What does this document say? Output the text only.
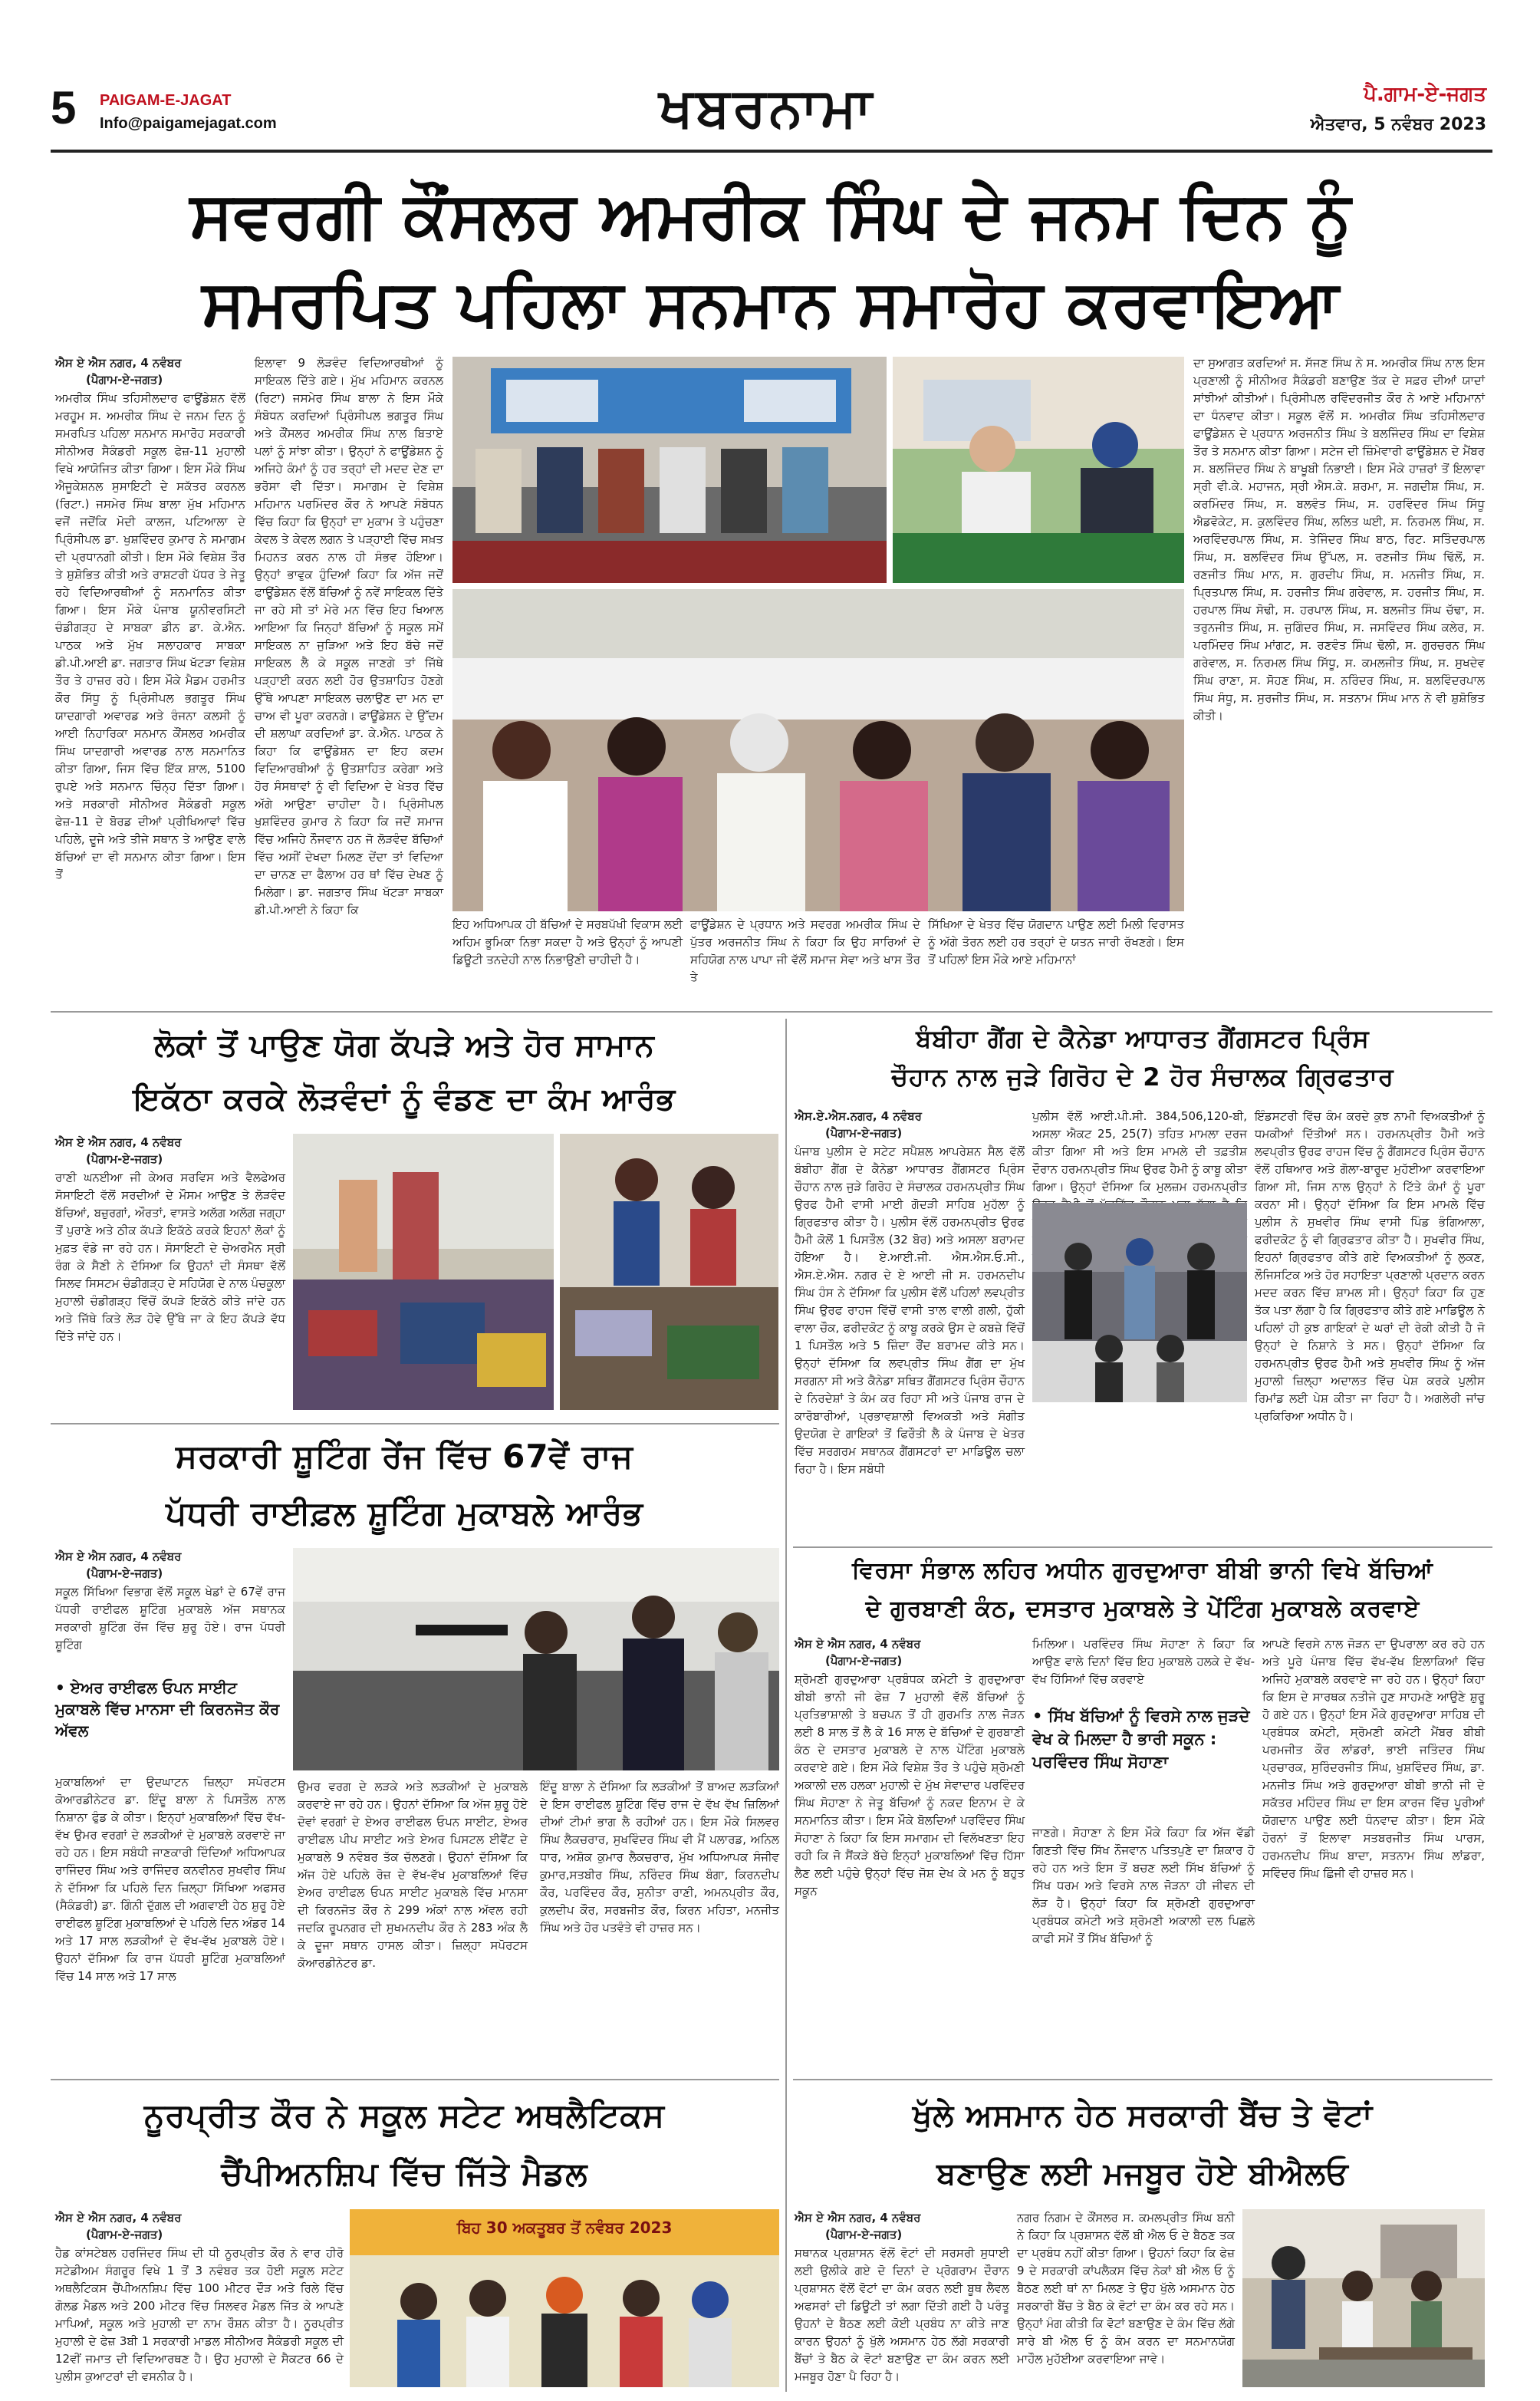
5 PAIGAM-E-JAGAT
Info@paigamejagat.com	ਖਬਰਨਾਮਾ	ਪੈ.ਗਾਮ-ਏ-ਜਗਤ
ਐਤਵਾਰ, 5 ਨਵੰਬਰ 2023
ਸਵਰਗੀ ਕੌਂਸਲਰ ਅਮਰੀਕ ਸਿੰਘ ਦੇ ਜਨਮ ਦਿਨ ਨੂੰ
ਸਮਰਪਿਤ ਪਹਿਲਾ ਸਨਮਾਨ ਸਮਾਰੋਹ ਕਰਵਾਇਆ

ਐਸ ਏ ਐਸ ਨਗਰ, 4 ਨਵੰਬਰ

(ਪੈਗਾਮ-ਏ-ਜਗਤ)

ਅਮਰੀਕ ਸਿੰਘ ਤਹਿਸੀਲਦਾਰ ਫਾਊਂਡੇਸ਼ਨ ਵੱਲੋਂ ਮਰਹੂਮ ਸ. ਅਮਰੀਕ ਸਿੰਘ ਦੇ ਜਨਮ ਦਿਨ ਨੂੰ ਸਮਰਪਿਤ ਪਹਿਲਾ ਸਨਮਾਨ ਸਮਾਰੋਹ ਸਰਕਾਰੀ ਸੀਨੀਅਰ ਸੈਕੰਡਰੀ ਸਕੂਲ ਫੇਜ਼-11 ਮੁਹਾਲੀ ਵਿਖੇ ਆਯੋਜਿਤ ਕੀਤਾ ਗਿਆ। ਇਸ ਮੌਕੇ ਸਿੰਘ ਐਜੂਕੇਸ਼ਨਲ ਸੁਸਾਇਟੀ ਦੇ ਸਕੱਤਰ ਕਰਨਲ (ਰਿਟਾ.) ਜਸਮੇਰ ਸਿੰਘ ਬਾਲਾ ਮੁੱਖ ਮਹਿਮਾਨ ਵਜੋਂ ਜਦੋਂਕਿ ਮੋਦੀ ਕਾਲਜ, ਪਟਿਆਲਾ ਦੇ ਪ੍ਰਿੰਸੀਪਲ ਡਾ. ਖੁਸ਼ਵਿੰਦਰ ਕੁਮਾਰ ਨੇ ਸਮਾਗਮ ਦੀ ਪ੍ਰਧਾਨਗੀ ਕੀਤੀ। ਇਸ ਮੌਕੇ ਵਿਸ਼ੇਸ਼ ਤੌਰ ਤੇ ਸ਼ੁਸ਼ੋਭਿਤ ਕੀਤੀ ਅਤੇ ਰਾਸ਼ਟਰੀ ਪੱਧਰ ਤੇ ਜੇਤੂ ਰਹੇ ਵਿਦਿਆਰਥੀਆਂ ਨੂੰ ਸਨਮਾਨਿਤ ਕੀਤਾ ਗਿਆ। ਇਸ ਮੌਕੇ ਪੰਜਾਬ ਯੂਨੀਵਰਸਿਟੀ ਚੰਡੀਗੜ੍ਹ ਦੇ ਸਾਬਕਾ ਡੀਨ ਡਾ. ਕੇ.ਐਨ. ਪਾਠਕ ਅਤੇ ਮੁੱਖ ਸਲਾਹਕਾਰ ਸਾਬਕਾ ਡੀ.ਪੀ.ਆਈ ਡਾ. ਜਗਤਾਰ ਸਿੰਘ ਖੱਟੜਾ ਵਿਸ਼ੇਸ਼ ਤੌਰ ਤੇ ਹਾਜ਼ਰ ਰਹੇ। ਇਸ ਮੌਕੇ ਮੈਡਮ ਹਰਮੀਤ ਕੌਰ ਸਿੱਧੂ ਨੂੰ ਪ੍ਰਿੰਸੀਪਲ ਭਗਤੂਰ ਸਿੰਘ ਯਾਦਗਾਰੀ ਅਵਾਰਡ ਅਤੇ ਰੰਜਨਾ ਕਲਸੀ ਨੂੰ ਆਈ ਨਿਹਾਰਿਕਾ ਸਨਮਾਨ ਕੌਂਸਲਰ ਅਮਰੀਕ ਸਿੰਘ ਯਾਦਗਾਰੀ ਅਵਾਰਡ ਨਾਲ ਸਨਮਾਨਿਤ ਕੀਤਾ ਗਿਆ, ਜਿਸ ਵਿੱਚ ਇੱਕ ਸ਼ਾਲ, 5100 ਰੁਪਏ ਅਤੇ ਸਨਮਾਨ ਚਿੰਨ੍ਹ ਦਿੱਤਾ ਗਿਆ। ਅਤੇ ਸਰਕਾਰੀ ਸੀਨੀਅਰ ਸੈਕੰਡਰੀ ਸਕੂਲ ਫੇਜ਼-11 ਦੇ ਬੋਰਡ ਦੀਆਂ ਪ੍ਰੀਖਿਆਵਾਂ ਵਿੱਚ ਪਹਿਲੇ, ਦੂਜੇ ਅਤੇ ਤੀਜੇ ਸਥਾਨ ਤੇ ਆਉਣ ਵਾਲੇ ਬੱਚਿਆਂ ਦਾ ਵੀ ਸਨਮਾਨ ਕੀਤਾ ਗਿਆ। ਇਸ ਤੋਂ
ਇਲਾਵਾ 9 ਲੋੜਵੰਦ ਵਿਦਿਆਰਥੀਆਂ ਨੂੰ ਸਾਇਕਲ ਦਿੱਤੇ ਗਏ। ਮੁੱਖ ਮਹਿਮਾਨ ਕਰਨਲ (ਰਿਟਾ) ਜਸਮੇਰ ਸਿੰਘ ਬਾਲਾ ਨੇ ਇਸ ਮੌਕੇ ਸੰਬੋਧਨ ਕਰਦਿਆਂ ਪ੍ਰਿੰਸੀਪਲ ਭਗਤੂਰ ਸਿੰਘ ਅਤੇ ਕੌਂਸਲਰ ਅਮਰੀਕ ਸਿੰਘ ਨਾਲ ਬਿਤਾਏ ਪਲਾਂ ਨੂੰ ਸਾਂਝਾ ਕੀਤਾ। ਉਨ੍ਹਾਂ ਨੇ ਫਾਊਂਡੇਸ਼ਨ ਨੂੰ ਅਜਿਹੇ ਕੰਮਾਂ ਨੂੰ ਹਰ ਤਰ੍ਹਾਂ ਦੀ ਮਦਦ ਦੇਣ ਦਾ ਭਰੋਸਾ ਵੀ ਦਿੱਤਾ। ਸਮਾਗਮ ਦੇ ਵਿਸ਼ੇਸ਼ ਮਹਿਮਾਨ ਪਰਮਿੰਦਰ ਕੌਰ ਨੇ ਆਪਣੇ ਸੰਬੋਧਨ ਵਿੱਚ ਕਿਹਾ ਕਿ ਉਨ੍ਹਾਂ ਦਾ ਮੁਕਾਮ ਤੇ ਪਹੁੰਚਣਾ ਕੇਵਲ ਤੇ ਕੇਵਲ ਲਗਨ ਤੇ ਪੜ੍ਹਾਈ ਵਿੱਚ ਸਖ਼ਤ ਮਿਹਨਤ ਕਰਨ ਨਾਲ ਹੀ ਸੰਭਵ ਹੋਇਆ। ਉਨ੍ਹਾਂ ਭਾਵੁਕ ਹੁੰਦਿਆਂ ਕਿਹਾ ਕਿ ਅੱਜ ਜਦੋਂ ਫਾਊਂਡੇਸ਼ਨ ਵੱਲੋਂ ਬੱਚਿਆਂ ਨੂੰ ਨਵੇਂ ਸਾਇਕਲ ਦਿੱਤੇ ਜਾ ਰਹੇ ਸੀ ਤਾਂ ਮੇਰੇ ਮਨ ਵਿੱਚ ਇਹ ਖਿਆਲ ਆਇਆ ਕਿ ਜਿਨ੍ਹਾਂ ਬੱਚਿਆਂ ਨੂੰ ਸਕੂਲ ਸਮੇਂ ਸਾਇਕਲ ਨਾ ਜੁੜਿਆ ਅਤੇ ਇਹ ਬੱਚੇ ਜਦੋਂ ਸਾਇਕਲ ਲੈ ਕੇ ਸਕੂਲ ਜਾਣਗੇ ਤਾਂ ਜਿੱਥੇ ਪੜ੍ਹਾਈ ਕਰਨ ਲਈ ਹੋਰ ਉਤਸ਼ਾਹਿਤ ਹੋਣਗੇ ਉੱਥੇ ਆਪਣਾ ਸਾਇਕਲ ਚਲਾਉਣ ਦਾ ਮਨ ਦਾ ਚਾਅ ਵੀ ਪੂਰਾ ਕਰਨਗੇ। ਫਾਊਂਡੇਸ਼ਨ ਦੇ ਉੱਦਮ ਦੀ ਸ਼ਲਾਘਾ ਕਰਦਿਆਂ ਡਾ. ਕੇ.ਐਨ. ਪਾਠਕ ਨੇ ਕਿਹਾ ਕਿ ਫਾਊਂਡੇਸ਼ਨ ਦਾ ਇਹ ਕਦਮ ਵਿਦਿਆਰਥੀਆਂ ਨੂੰ ਉਤਸ਼ਾਹਿਤ ਕਰੇਗਾ ਅਤੇ ਹੋਰ ਸੰਸਥਾਵਾਂ ਨੂੰ ਵੀ ਵਿਦਿਆ ਦੇ ਖੇਤਰ ਵਿੱਚ ਅੱਗੇ ਆਉਣਾ ਚਾਹੀਦਾ ਹੈ। ਪ੍ਰਿੰਸੀਪਲ ਖੁਸ਼ਵਿੰਦਰ ਕੁਮਾਰ ਨੇ ਕਿਹਾ ਕਿ ਜਦੋਂ ਸਮਾਜ ਵਿੱਚ ਅਜਿਹੇ ਨੌਜਵਾਨ ਹਨ ਜੋ ਲੋੜਵੰਦ ਬੱਚਿਆਂ ਵਿੱਚ ਅਸੀਂ ਦੇਖਦਾ ਮਿਲਣ ਦੇਂਦਾ ਤਾਂ ਵਿਦਿਆ ਦਾ ਚਾਨਣ ਦਾ ਫੈਲਾਅ ਹਰ ਥਾਂ ਵਿੱਚ ਦੇਖਣ ਨੂੰ ਮਿਲੇਗਾ। ਡਾ. ਜਗਤਾਰ ਸਿੰਘ ਖੱਟੜਾ ਸਾਬਕਾ ਡੀ.ਪੀ.ਆਈ ਨੇ ਕਿਹਾ ਕਿ
ਇਹ ਅਧਿਆਪਕ ਹੀ ਬੱਚਿਆਂ ਦੇ ਸਰਬਪੱਖੀ ਵਿਕਾਸ ਲਈ ਅਹਿਮ ਭੂਮਿਕਾ ਨਿਭਾ ਸਕਦਾ ਹੈ ਅਤੇ ਉਨ੍ਹਾਂ ਨੂੰ ਆਪਣੀ ਡਿਊਟੀ ਤਨਦੇਹੀ ਨਾਲ ਨਿਭਾਉਣੀ ਚਾਹੀਦੀ ਹੈ।
ਫਾਊਂਡੇਸ਼ਨ ਦੇ ਪ੍ਰਧਾਨ ਅਤੇ ਸਵਰਗ ਅਮਰੀਕ ਸਿੰਘ ਦੇ ਪੁੱਤਰ ਅਰਜਨੀਤ ਸਿੰਘ ਨੇ ਕਿਹਾ ਕਿ ਉਹ ਸਾਰਿਆਂ ਦੇ ਸਹਿਯੋਗ ਨਾਲ ਪਾਪਾ ਜੀ ਵੱਲੋਂ ਸਮਾਜ ਸੇਵਾ ਅਤੇ ਖਾਸ ਤੌਰ ਤੇ
ਸਿੱਖਿਆ ਦੇ ਖੇਤਰ ਵਿੱਚ ਯੋਗਦਾਨ ਪਾਉਣ ਲਈ ਮਿਲੀ ਵਿਰਾਸਤ ਨੂੰ ਅੱਗੇ ਤੋਰਨ ਲਈ ਹਰ ਤਰ੍ਹਾਂ ਦੇ ਯਤਨ ਜਾਰੀ ਰੱਖਣਗੇ। ਇਸ ਤੋਂ ਪਹਿਲਾਂ ਇਸ ਮੌਕੇ ਆਏ ਮਹਿਮਾਨਾਂ
ਦਾ ਸੁਆਗਤ ਕਰਦਿਆਂ ਸ. ਸੱਜਣ ਸਿੰਘ ਨੇ ਸ. ਅਮਰੀਕ ਸਿੰਘ ਨਾਲ ਇਸ ਪ੍ਰਣਾਲੀ ਨੂੰ ਸੀਨੀਅਰ ਸੈਕੰਡਰੀ ਬਣਾਉਣ ਤੱਕ ਦੇ ਸਫ਼ਰ ਦੀਆਂ ਯਾਦਾਂ ਸਾਂਝੀਆਂ ਕੀਤੀਆਂ। ਪ੍ਰਿੰਸੀਪਲ ਰਵਿੰਦਰਜੀਤ ਕੌਰ ਨੇ ਆਏ ਮਹਿਮਾਨਾਂ ਦਾ ਧੰਨਵਾਦ ਕੀਤਾ। ਸਕੂਲ ਵੱਲੋਂ ਸ. ਅਮਰੀਕ ਸਿੰਘ ਤਹਿਸੀਲਦਾਰ ਫਾਊਂਡੇਸ਼ਨ ਦੇ ਪ੍ਰਧਾਨ ਅਰਜਨੀਤ ਸਿੰਘ ਤੇ ਬਲਜਿੰਦਰ ਸਿੰਘ ਦਾ ਵਿਸ਼ੇਸ਼ ਤੌਰ ਤੇ ਸਨਮਾਨ ਕੀਤਾ ਗਿਆ। ਸਟੇਜ ਦੀ ਜ਼ਿੰਮੇਵਾਰੀ ਫਾਊਂਡੇਸ਼ਨ ਦੇ ਮੈਂਬਰ ਸ. ਬਲਜਿੰਦਰ ਸਿੰਘ ਨੇ ਬਾਖੂਬੀ ਨਿਭਾਈ। ਇਸ ਮੌਕੇ ਹਾਜ਼ਰਾਂ ਤੋਂ ਇਲਾਵਾ ਸ੍ਰੀ ਵੀ.ਕੇ. ਮਹਾਜਨ, ਸ੍ਰੀ ਐਸ.ਕੇ. ਸ਼ਰਮਾ, ਸ. ਜਗਦੀਸ਼ ਸਿੰਘ, ਸ. ਕਰਮਿੰਦਰ ਸਿੰਘ, ਸ. ਬਲਵੰਤ ਸਿੰਘ, ਸ. ਹਰਵਿੰਦਰ ਸਿੰਘ ਸਿੱਧੂ ਐਡਵੋਕੇਟ, ਸ. ਕੁਲਵਿੰਦਰ ਸਿੰਘ, ਲਲਿਤ ਘਈ, ਸ. ਨਿਰਮਲ ਸਿੰਘ, ਸ. ਅਰਵਿੰਦਰਪਾਲ ਸਿੰਘ, ਸ. ਤੇਜਿੰਦਰ ਸਿੰਘ ਬਾਠ, ਰਿਟ. ਸਤਿੰਦਰਪਾਲ ਸਿੰਘ, ਸ. ਬਲਵਿੰਦਰ ਸਿੰਘ ਉੱਪਲ, ਸ. ਰਣਜੀਤ ਸਿੰਘ ਢਿੱਲੋਂ, ਸ. ਰਣਜੀਤ ਸਿੰਘ ਮਾਨ, ਸ. ਗੁਰਦੀਪ ਸਿੰਘ, ਸ. ਮਨਜੀਤ ਸਿੰਘ, ਸ. ਪ੍ਰਿਤਪਾਲ ਸਿੰਘ, ਸ. ਹਰਜੀਤ ਸਿੰਘ ਗਰੇਵਾਲ, ਸ. ਹਰਜੀਤ ਸਿੰਘ, ਸ. ਹਰਪਾਲ ਸਿੰਘ ਸੋਢੀ, ਸ. ਹਰਪਾਲ ਸਿੰਘ, ਸ. ਬਲਜੀਤ ਸਿੰਘ ਚੱਢਾ, ਸ. ਤਰੁਨਜੀਤ ਸਿੰਘ, ਸ. ਜੁਗਿੰਦਰ ਸਿੰਘ, ਸ. ਜਸਵਿੰਦਰ ਸਿੰਘ ਕਲੇਰ, ਸ. ਪਰਮਿੰਦਰ ਸਿੰਘ ਮਾਂਗਟ, ਸ. ਰਣਵੰਤ ਸਿੰਘ ਢੋਲੀ, ਸ. ਗੁਰਚਰਨ ਸਿੰਘ ਗਰੇਵਾਲ, ਸ. ਨਿਰਮਲ ਸਿੰਘ ਸਿੱਧੂ, ਸ. ਕਮਲਜੀਤ ਸਿੰਘ, ਸ. ਸੁਖਦੇਵ ਸਿੰਘ ਰਾਣਾ, ਸ. ਸੋਹਣ ਸਿੰਘ, ਸ. ਨਰਿੰਦਰ ਸਿੰਘ, ਸ. ਬਲਵਿੰਦਰਪਾਲ ਸਿੰਘ ਸੰਧੂ, ਸ. ਸੁਰਜੀਤ ਸਿੰਘ, ਸ. ਸਤਨਾਮ ਸਿੰਘ ਮਾਨ ਨੇ ਵੀ ਸ਼ੁਸ਼ੋਭਿਤ ਕੀਤੀ।
ਲੋਕਾਂ ਤੋਂ ਪਾਉਣ ਯੋਗ ਕੱਪੜੇ ਅਤੇ ਹੋਰ ਸਾਮਾਨ
ਇਕੱਠਾ ਕਰਕੇ ਲੋੜਵੰਦਾਂ ਨੂੰ ਵੰਡਣ ਦਾ ਕੰਮ ਆਰੰਭ

ਐਸ ਏ ਐਸ ਨਗਰ, 4 ਨਵੰਬਰ

(ਪੈਗਾਮ-ਏ-ਜਗਤ)

ਰਾਣੀ ਘਨਈਆ ਜੀ ਕੇਅਰ ਸਰਵਿਸ ਅਤੇ ਵੈਲਫੇਅਰ ਸੋਸਾਇਟੀ ਵੱਲੋਂ ਸਰਦੀਆਂ ਦੇ ਮੌਸਮ ਆਉਣ ਤੇ ਲੋੜਵੰਦ ਬੱਚਿਆਂ, ਬਜ਼ੁਰਗਾਂ, ਔਰਤਾਂ, ਵਾਸਤੇ ਅਲੱਗ ਅਲੱਗ ਜਗ੍ਹਾ ਤੋਂ ਪੁਰਾਣੇ ਅਤੇ ਠੀਕ ਕੱਪੜੇ ਇਕੱਠੇ ਕਰਕੇ ਇਹਨਾਂ ਲੋਕਾਂ ਨੂੰ ਮੁਫ਼ਤ ਵੰਡੇ ਜਾ ਰਹੇ ਹਨ। ਸੋਸਾਇਟੀ ਦੇ ਚੇਅਰਮੈਨ ਸ੍ਰੀ ਰੰਗ ਕੇ ਸੈਣੀ ਨੇ ਦੱਸਿਆ ਕਿ ਉਹਨਾਂ ਦੀ ਸੰਸਥਾ ਵੱਲੋਂ ਸਿਲਵ ਸਿਸਟਮ ਚੰਡੀਗੜ੍ਹ ਦੇ ਸਹਿਯੋਗ ਦੇ ਨਾਲ ਪੰਚਕੂਲਾ ਮੁਹਾਲੀ ਚੰਡੀਗੜ੍ਹ ਵਿੱਚੋਂ ਕੱਪੜੇ ਇਕੱਠੇ ਕੀਤੇ ਜਾਂਦੇ ਹਨ ਅਤੇ ਜਿੱਥੇ ਕਿਤੇ ਲੋੜ ਹੋਵੇ ਉੱਥੇ ਜਾ ਕੇ ਇਹ ਕੱਪੜੇ ਵੱਧ ਦਿੱਤੇ ਜਾਂਦੇ ਹਨ।
ਸਰਕਾਰੀ ਸ਼ੂਟਿੰਗ ਰੇਂਜ ਵਿੱਚ 67ਵੇਂ ਰਾਜ
ਪੱਧਰੀ ਰਾਈਫ਼ਲ ਸ਼ੂਟਿੰਗ ਮੁਕਾਬਲੇ ਆਰੰਭ

ਐਸ ਏ ਐਸ ਨਗਰ, 4 ਨਵੰਬਰ

(ਪੈਗਾਮ-ਏ-ਜਗਤ)

ਸਕੂਲ ਸਿੱਖਿਆ ਵਿਭਾਗ ਵੱਲੋਂ ਸਕੂਲ ਖੇਡਾਂ ਦੇ 67ਵੇਂ ਰਾਜ ਪੱਧਰੀ ਰਾਈਫਲ ਸ਼ੂਟਿੰਗ ਮੁਕਾਬਲੇ ਅੱਜ ਸਥਾਨਕ ਸਰਕਾਰੀ ਸ਼ੂਟਿੰਗ ਰੇਂਜ ਵਿੱਚ ਸ਼ੁਰੂ ਹੋਏ। ਰਾਜ ਪੱਧਰੀ ਸ਼ੂਟਿੰਗ
• ਏਅਰ ਰਾਈਫਲ ਓਪਨ ਸਾਈਟ ਮੁਕਾਬਲੇ ਵਿੱਚ ਮਾਨਸਾ ਦੀ ਕਿਰਨਜੋਤ ਕੌਰ ਅੱਵਲ
ਮੁਕਾਬਲਿਆਂ ਦਾ ਉਦਘਾਟਨ ਜ਼ਿਲ੍ਹਾ ਸਪੋਰਟਸ ਕੋਆਰਡੀਨੇਟਰ ਡਾ. ਇੰਦੂ ਬਾਲਾ ਨੇ ਪਿਸਤੌਲ ਨਾਲ ਨਿਸ਼ਾਨਾ ਫੁੰਡ ਕੇ ਕੀਤਾ। ਇਨ੍ਹਾਂ ਮੁਕਾਬਲਿਆਂ ਵਿੱਚ ਵੱਖ-ਵੱਖ ਉਮਰ ਵਰਗਾਂ ਦੇ ਲੜਕੀਆਂ ਦੇ ਮੁਕਾਬਲੇ ਕਰਵਾਏ ਜਾ ਰਹੇ ਹਨ। ਇਸ ਸਬੰਧੀ ਜਾਣਕਾਰੀ ਦਿੰਦਿਆਂ ਅਧਿਆਪਕ ਰਾਜਿੰਦਰ ਸਿੰਘ ਅਤੇ ਰਾਜਿੰਦਰ ਕਨਵੀਨਰ ਸੁਖਵੀਰ ਸਿੰਘ ਨੇ ਦੱਸਿਆ ਕਿ ਪਹਿਲੇ ਦਿਨ ਜ਼ਿਲ੍ਹਾ ਸਿੱਖਿਆ ਅਫਸਰ (ਸੈਕੰਡਰੀ) ਡਾ. ਗਿੰਨੀ ਦੁੱਗਲ ਦੀ ਅਗਵਾਈ ਹੇਠ ਸ਼ੁਰੂ ਹੋਏ ਰਾਈਫਲ ਸ਼ੂਟਿੰਗ ਮੁਕਾਬਲਿਆਂ ਦੇ ਪਹਿਲੇ ਦਿਨ ਅੰਡਰ 14 ਅਤੇ 17 ਸਾਲ ਲੜਕੀਆਂ ਦੇ ਵੱਖ-ਵੱਖ ਮੁਕਾਬਲੇ ਹੋਏ। ਉਹਨਾਂ ਦੱਸਿਆ ਕਿ ਰਾਜ ਪੱਧਰੀ ਸ਼ੂਟਿੰਗ ਮੁਕਾਬਲਿਆਂ ਵਿੱਚ 14 ਸਾਲ ਅਤੇ 17 ਸਾਲ
ਉਮਰ ਵਰਗ ਦੇ ਲੜਕੇ ਅਤੇ ਲੜਕੀਆਂ ਦੇ ਮੁਕਾਬਲੇ ਕਰਵਾਏ ਜਾ ਰਹੇ ਹਨ। ਉਹਨਾਂ ਦੱਸਿਆ ਕਿ ਅੱਜ ਸ਼ੁਰੂ ਹੋਏ ਦੋਵਾਂ ਵਰਗਾਂ ਦੇ ਏਅਰ ਰਾਈਫਲ ਓਪਨ ਸਾਈਟ, ਏਅਰ ਰਾਈਫਲ ਪੀਪ ਸਾਈਟ ਅਤੇ ਏਅਰ ਪਿਸਟਲ ਈਵੈਂਟ ਦੇ ਮੁਕਾਬਲੇ 9 ਨਵੰਬਰ ਤੱਕ ਚੱਲਣਗੇ। ਉਹਨਾਂ ਦੱਸਿਆ ਕਿ ਅੱਜ ਹੋਏ ਪਹਿਲੇ ਰੋਜ਼ ਦੇ ਵੱਖ-ਵੱਖ ਮੁਕਾਬਲਿਆਂ ਵਿੱਚ ਏਅਰ ਰਾਈਫਲ ਓਪਨ ਸਾਈਟ ਮੁਕਾਬਲੇ ਵਿੱਚ ਮਾਨਸਾ ਦੀ ਕਿਰਨਜੋਤ ਕੌਰ ਨੇ 299 ਅੰਕਾਂ ਨਾਲ ਅੱਵਲ ਰਹੀ ਜਦਕਿ ਰੂਪਨਗਰ ਦੀ ਸੁਖਮਨਦੀਪ ਕੌਰ ਨੇ 283 ਅੰਕ ਲੈ ਕੇ ਦੂਜਾ ਸਥਾਨ ਹਾਸਲ ਕੀਤਾ। ਜ਼ਿਲ੍ਹਾ ਸਪੋਰਟਸ ਕੋਆਰਡੀਨੇਟਰ ਡਾ.
ਇੰਦੂ ਬਾਲਾ ਨੇ ਦੱਸਿਆ ਕਿ ਲੜਕੀਆਂ ਤੋਂ ਬਾਅਦ ਲੜਕਿਆਂ ਦੇ ਇਸ ਰਾਈਫਲ ਸ਼ੂਟਿੰਗ ਵਿੱਚ ਰਾਜ ਦੇ ਵੱਖ ਵੱਖ ਜ਼ਿਲਿਆਂ ਦੀਆਂ ਟੀਮਾਂ ਭਾਗ ਲੈ ਰਹੀਆਂ ਹਨ। ਇਸ ਮੌਕੇ ਸਿਲਵਰ ਸਿੰਘ ਲੈਕਚਰਾਰ, ਸੁਖਵਿੰਦਰ ਸਿੰਘ ਵੀ ਮੈਂ ਪਲਾਰਡ, ਅਨਿਲ ਧਾਰ, ਅਸ਼ੋਕ ਕੁਮਾਰ ਲੈਕਚਰਾਰ, ਮੁੱਖ ਅਧਿਆਪਕ ਸੰਜੀਵ ਕੁਮਾਰ,ਸਤਬੀਰ ਸਿੰਘ, ਨਰਿੰਦਰ ਸਿੰਘ ਬੰਗਾ, ਕਿਰਨਦੀਪ ਕੌਰ, ਪਰਵਿੰਦਰ ਕੌਰ, ਸੁਨੀਤਾ ਰਾਣੀ, ਅਮਨਪ੍ਰੀਤ ਕੌਰ, ਕੁਲਦੀਪ ਕੌਰ, ਸਰਬਜੀਤ ਕੌਰ, ਕਿਰਨ ਮਹਿਤਾ, ਮਨਜੀਤ ਸਿੰਘ ਅਤੇ ਹੋਰ ਪਤਵੰਤੇ ਵੀ ਹਾਜ਼ਰ ਸਨ।
ਨੂਰਪ੍ਰੀਤ ਕੌਰ ਨੇ ਸਕੂਲ ਸਟੇਟ ਅਥਲੈਟਿਕਸ
ਚੈਂਪੀਅਨਸ਼ਿਪ ਵਿੱਚ ਜਿੱਤੇ ਮੈਡਲ

ਐਸ ਏ ਐਸ ਨਗਰ, 4 ਨਵੰਬਰ

(ਪੈਗਾਮ-ਏ-ਜਗਤ)

ਹੈਡ ਕਾਂਸਟੇਬਲ ਹਰਜਿੰਦਰ ਸਿੰਘ ਦੀ ਧੀ ਨੂਰਪ੍ਰੀਤ ਕੌਰ ਨੇ ਵਾਰ ਹੀਰੋ ਸਟੇਡੀਅਮ ਸੰਗਰੂਰ ਵਿਖੇ 1 ਤੋਂ 3 ਨਵੰਬਰ ਤਕ ਹੋਈ ਸਕੂਲ ਸਟੇਟ ਅਥਲੈਟਿਕਸ ਚੈਂਪੀਅਨਸ਼ਿਪ ਵਿੱਚ 100 ਮੀਟਰ ਦੌੜ ਅਤੇ ਰਿਲੇ ਵਿੱਚ ਗੋਲਡ ਮੈਡਲ ਅਤੇ 200 ਮੀਟਰ ਵਿੱਚ ਸਿਲਵਰ ਮੈਡਲ ਜਿੱਤ ਕੇ ਆਪਣੇ ਮਾਪਿਆਂ, ਸਕੂਲ ਅਤੇ ਮੁਹਾਲੀ ਦਾ ਨਾਮ ਰੌਸ਼ਨ ਕੀਤਾ ਹੈ। ਨੂਰਪ੍ਰੀਤ ਮੁਹਾਲੀ ਦੇ ਫੇਜ਼ 3ਬੀ 1 ਸਰਕਾਰੀ ਮਾਡਲ ਸੀਨੀਅਰ ਸੈਕੰਡਰੀ ਸਕੂਲ ਦੀ 12ਵੀਂ ਜਮਾਤ ਦੀ ਵਿਦਿਆਰਥਣ ਹੈ। ਉਹ ਮੁਹਾਲੀ ਦੇ ਸੈਕਟਰ 66 ਦੇ ਪੁਲੀਸ ਕੁਆਟਰਾਂ ਦੀ ਵਸਨੀਕ ਹੈ।
ਬਿਹ 30 ਅਕਤੂਬਰ ਤੋਂ ਨਵੰਬਰ 2023
ਬੰਬੀਹਾ ਗੈਂਗ ਦੇ ਕੈਨੇਡਾ ਆਧਾਰਤ ਗੈਂਗਸਟਰ ਪ੍ਰਿੰਸ
ਚੌਹਾਨ ਨਾਲ ਜੁੜੇ ਗਿਰੋਹ ਦੇ 2 ਹੋਰ ਸੰਚਾਲਕ ਗ੍ਰਿਫਤਾਰ

ਐਸ.ਏ.ਐਸ.ਨਗਰ, 4 ਨਵੰਬਰ

(ਪੈਗਾਮ-ਏ-ਜਗਤ)

ਪੰਜਾਬ ਪੁਲੀਸ ਦੇ ਸਟੇਟ ਸਪੈਸ਼ਲ ਆਪਰੇਸ਼ਨ ਸੈਲ ਵੱਲੋਂ ਬੰਬੀਹਾ ਗੈਂਗ ਦੇ ਕੈਨੇਡਾ ਆਧਾਰਤ ਗੈਂਗਸਟਰ ਪ੍ਰਿੰਸ ਚੌਹਾਨ ਨਾਲ ਜੁੜੇ ਗਿਰੋਹ ਦੇ ਸੰਚਾਲਕ ਹਰਮਨਪ੍ਰੀਤ ਸਿੰਘ ਉਰਫ ਹੈਮੀ ਵਾਸੀ ਮਾਈ ਗੋਦੜੀ ਸਾਹਿਬ ਮੁਹੱਲਾ ਨੂੰ ਗ੍ਰਿਫਤਾਰ ਕੀਤਾ ਹੈ। ਪੁਲੀਸ ਵੱਲੋਂ ਹਰਮਨਪ੍ਰੀਤ ਉਰਫ ਹੈਮੀ ਕੋਲੋਂ 1 ਪਿਸਤੌਲ (32 ਬੋਰ) ਅਤੇ ਅਸਲਾ ਬਰਾਮਦ ਹੋਇਆ ਹੈ। ਏ.ਆਈ.ਜੀ. ਐਸ.ਐਸ.ਓ.ਸੀ., ਐਸ.ਏ.ਐਸ. ਨਗਰ ਦੇ ਏ ਆਈ ਜੀ ਸ. ਹਰਮਨਦੀਪ ਸਿੰਘ ਹੰਸ ਨੇ ਦੱਸਿਆ ਕਿ ਪੁਲੀਸ ਵੱਲੋਂ ਪਹਿਲਾਂ ਲਵਪ੍ਰੀਤ ਸਿੰਘ ਉਰਫ ਰਾਹਜ ਵਿੱਚੋਂ ਵਾਸੀ ਤਾਲ ਵਾਲੀ ਗਲੀ, ਹੁੱਕੀ ਵਾਲਾ ਚੌਕ, ਫਰੀਦਕੋਟ ਨੂੰ ਕਾਬੂ ਕਰਕੇ ਉਸ ਦੇ ਕਬਜ਼ੇ ਵਿੱਚੋਂ 1 ਪਿਸਤੌਲ ਅਤੇ 5 ਜ਼ਿੰਦਾ ਰੌਂਦ ਬਰਾਮਦ ਕੀਤੇ ਸਨ। ਉਨ੍ਹਾਂ ਦੱਸਿਆ ਕਿ ਲਵਪ੍ਰੀਤ ਸਿੰਘ ਗੈਂਗ ਦਾ ਮੁੱਖ ਸਰਗਨਾ ਸੀ ਅਤੇ ਕੈਨੇਡਾ ਸਥਿਤ ਗੈਂਗਸਟਰ ਪ੍ਰਿੰਸ ਚੌਹਾਨ ਦੇ ਨਿਰਦੇਸ਼ਾਂ ਤੇ ਕੰਮ ਕਰ ਰਿਹਾ ਸੀ ਅਤੇ ਪੰਜਾਬ ਰਾਜ ਦੇ ਕਾਰੋਬਾਰੀਆਂ, ਪ੍ਰਭਾਵਸ਼ਾਲੀ ਵਿਅਕਤੀ ਅਤੇ ਸੰਗੀਤ ਉਦਯੋਗ ਦੇ ਗਾਇਕਾਂ ਤੋਂ ਫਿਰੌਤੀ ਲੈ ਕੇ ਪੰਜਾਬ ਦੇ ਖੇਤਰ ਵਿੱਚ ਸਰਗਰਮ ਸਥਾਨਕ ਗੈਂਗਸਟਰਾਂ ਦਾ ਮਾਡਿਊਲ ਚਲਾ ਰਿਹਾ ਹੈ। ਇਸ ਸਬੰਧੀ
ਪੁਲੀਸ ਵੱਲੋਂ ਆਈ.ਪੀ.ਸੀ. 384,506,120-ਬੀ, ਅਸਲਾ ਐਕਟ 25, 25(7) ਤਹਿਤ ਮਾਮਲਾ ਦਰਜ ਕੀਤਾ ਗਿਆ ਸੀ ਅਤੇ ਇਸ ਮਾਮਲੇ ਦੀ ਤਫ਼ਤੀਸ਼ ਦੌਰਾਨ ਹਰਮਨਪ੍ਰੀਤ ਸਿੰਘ ਉਰਫ ਹੈਮੀ ਨੂੰ ਕਾਬੂ ਕੀਤਾ ਗਿਆ। ਉਨ੍ਹਾਂ ਦੱਸਿਆ ਕਿ ਮੁਲਜ਼ਮ ਹਰਮਨਪ੍ਰੀਤ
ਇੰਡਸਟਰੀ ਵਿੱਚ ਕੰਮ ਕਰਦੇ ਕੁਝ ਨਾਮੀ ਵਿਅਕਤੀਆਂ ਨੂੰ ਧਮਕੀਆਂ ਦਿੱਤੀਆਂ ਸਨ। ਹਰਮਨਪ੍ਰੀਤ ਹੈਮੀ ਅਤੇ ਲਵਪ੍ਰੀਤ ਉਰਫ ਰਾਹਜ ਵਿੱਚ ਨੂੰ ਗੈਂਗਸਟਰ ਪ੍ਰਿੰਸ ਚੌਹਾਨ ਵੱਲੋਂ ਹਥਿਆਰ ਅਤੇ ਗੋਲਾ-ਬਾਰੂਦ ਮੁਹੱਈਆ ਕਰਵਾਇਆ ਗਿਆ ਸੀ, ਜਿਸ ਨਾਲ ਉਨ੍ਹਾਂ ਨੇ ਟਿੱਤੇ ਕੰਮਾਂ ਨੂੰ ਪੂਰਾ ਕਰਨਾ ਸੀ। ਉਨ੍ਹਾਂ ਦੱਸਿਆ ਕਿ ਇਸ ਮਾਮਲੇ ਵਿੱਚ ਪੁਲੀਸ ਨੇ ਸੁਖਵੀਰ ਸਿੰਘ ਵਾਸੀ ਪਿੰਡ ਭੰਗਿਆਲਾ, ਫਰੀਦਕੋਟ ਨੂੰ ਵੀ ਗ੍ਰਿਫਤਾਰ ਕੀਤਾ ਹੈ। ਸੁਖਵੀਰ ਸਿੰਘ, ਇਹਨਾਂ ਗ੍ਰਿਫਤਾਰ ਕੀਤੇ ਗਏ ਵਿਅਕਤੀਆਂ ਨੂੰ ਲੁਕਣ, ਲੌਜਿਸਟਿਕ ਅਤੇ ਹੋਰ ਸਹਾਇਤਾ ਪ੍ਰਣਾਲੀ ਪ੍ਰਦਾਨ ਕਰਨ ਮਦਦ ਕਰਨ ਵਿੱਚ ਸ਼ਾਮਲ ਸੀ। ਉਨ੍ਹਾਂ ਕਿਹਾ ਕਿ ਹੁਣ ਤੱਕ ਪਤਾ ਲੱਗਾ ਹੈ ਕਿ ਗ੍ਰਿਫਤਾਰ ਕੀਤੇ ਗਏ ਮਾਡਿਊਲ ਨੇ ਪਹਿਲਾਂ ਹੀ ਕੁਝ ਗਾਇਕਾਂ ਦੇ ਘਰਾਂ ਦੀ ਰੇਕੀ ਕੀਤੀ ਹੈ ਜੋ ਉਨ੍ਹਾਂ ਦੇ ਨਿਸ਼ਾਨੇ ਤੇ ਸਨ। ਉਨ੍ਹਾਂ ਦੱਸਿਆ ਕਿ ਹਰਮਨਪ੍ਰੀਤ ਉਰਫ ਹੈਮੀ ਅਤੇ ਸੁਖਵੀਰ ਸਿੰਘ ਨੂੰ ਅੱਜ ਮੁਹਾਲੀ ਜ਼ਿਲ੍ਹਾ ਅਦਾਲਤ ਵਿੱਚ ਪੇਸ਼ ਕਰਕੇ ਪੁਲੀਸ ਰਿਮਾਂਡ ਲਈ ਪੇਸ਼ ਕੀਤਾ ਜਾ ਰਿਹਾ ਹੈ। ਅਗਲੇਰੀ ਜਾਂਚ ਪ੍ਰਕਿਰਿਆ ਅਧੀਨ ਹੈ।
ਵਿਰਸਾ ਸੰਭਾਲ ਲਹਿਰ ਅਧੀਨ ਗੁਰਦੁਆਰਾ ਬੀਬੀ ਭਾਨੀ ਵਿਖੇ ਬੱਚਿਆਂ
ਦੇ ਗੁਰਬਾਣੀ ਕੰਠ, ਦਸਤਾਰ ਮੁਕਾਬਲੇ ਤੇ ਪੇਂਟਿੰਗ ਮੁਕਾਬਲੇ ਕਰਵਾਏ

ਐਸ ਏ ਐਸ ਨਗਰ, 4 ਨਵੰਬਰ

(ਪੈਗਾਮ-ਏ-ਜਗਤ)

ਸ਼੍ਰੋਮਣੀ ਗੁਰਦੁਆਰਾ ਪ੍ਰਬੰਧਕ ਕਮੇਟੀ ਤੇ ਗੁਰਦੁਆਰਾ ਬੀਬੀ ਭਾਨੀ ਜੀ ਫੇਜ਼ 7 ਮੁਹਾਲੀ ਵੱਲੋਂ ਬੱਚਿਆਂ ਨੂੰ ਪ੍ਰਤਿਭਾਸ਼ਾਲੀ ਤੇ ਬਚਪਨ ਤੋਂ ਹੀ ਗੁਰਮਤਿ ਨਾਲ ਜੋੜਨ ਲਈ 8 ਸਾਲ ਤੋਂ ਲੈ ਕੇ 16 ਸਾਲ ਦੇ ਬੱਚਿਆਂ ਦੇ ਗੁਰਬਾਣੀ ਕੰਠ ਦੇ ਦਸਤਾਰ ਮੁਕਾਬਲੇ ਦੇ ਨਾਲ ਪੇਂਟਿੰਗ ਮੁਕਾਬਲੇ ਕਰਵਾਏ ਗਏ। ਇਸ ਮੌਕੇ ਵਿਸ਼ੇਸ਼ ਤੌਰ ਤੇ ਪਹੁੰਚੇ ਸ਼੍ਰੋਮਣੀ ਅਕਾਲੀ ਦਲ ਹਲਕਾ ਮੁਹਾਲੀ ਦੇ ਮੁੱਖ ਸੇਵਾਦਾਰ ਪਰਵਿੰਦਰ ਸਿੰਘ ਸੋਹਾਣਾ ਨੇ ਜੇਤੂ ਬੱਚਿਆਂ ਨੂੰ ਨਕਦ ਇਨਾਮ ਦੇ ਕੇ ਸਨਮਾਨਿਤ ਕੀਤਾ। ਇਸ ਮੌਕੇ ਬੋਲਦਿਆਂ ਪਰਵਿੰਦਰ ਸਿੰਘ ਸੋਹਾਣਾ ਨੇ ਕਿਹਾ ਕਿ ਇਸ ਸਮਾਗਮ ਦੀ ਵਿਲੱਖਣਤਾ ਇਹ ਰਹੀ ਕਿ ਜੋ ਸੈਂਕੜੇ ਬੱਚੇ ਇਨ੍ਹਾਂ ਮੁਕਾਬਲਿਆਂ ਵਿੱਚ ਹਿੱਸਾ ਲੈਣ ਲਈ ਪਹੁੰਚੇ ਉਨ੍ਹਾਂ ਵਿੱਚ ਜੋਸ਼ ਦੇਖ ਕੇ ਮਨ ਨੂੰ ਬਹੁਤ ਸਕੂਨ
ਮਿਲਿਆ। ਪਰਵਿੰਦਰ ਸਿੰਘ ਸੋਹਾਣਾ ਨੇ ਕਿਹਾ ਕਿ ਆਉਣ ਵਾਲੇ ਦਿਨਾਂ ਵਿੱਚ ਇਹ ਮੁਕਾਬਲੇ ਹਲਕੇ ਦੇ ਵੱਖ-ਵੱਖ ਹਿੱਸਿਆਂ ਵਿੱਚ ਕਰਵਾਏ
• ਸਿੱਖ ਬੱਚਿਆਂ ਨੂੰ ਵਿਰਸੇ ਨਾਲ ਜੁੜਦੇ ਵੇਖ ਕੇ ਮਿਲਦਾ ਹੈ ਭਾਰੀ ਸਕੂਨ : ਪਰਵਿੰਦਰ ਸਿੰਘ ਸੋਹਾਣਾ
ਜਾਣਗੇ। ਸੋਹਾਣਾ ਨੇ ਇਸ ਮੌਕੇ ਕਿਹਾ ਕਿ ਅੱਜ ਵੱਡੀ ਗਿਣਤੀ ਵਿੱਚ ਸਿੱਖ ਨੌਜਵਾਨ ਪਤਿਤਪੁਣੇ ਦਾ ਸ਼ਿਕਾਰ ਹੋ ਰਹੇ ਹਨ ਅਤੇ ਇਸ ਤੋਂ ਬਚਣ ਲਈ ਸਿੱਖ ਬੱਚਿਆਂ ਨੂੰ ਸਿੱਖ ਧਰਮ ਅਤੇ ਵਿਰਸੇ ਨਾਲ ਜੋੜਨਾ ਹੀ ਜੀਵਨ ਦੀ ਲੋੜ ਹੈ। ਉਨ੍ਹਾਂ ਕਿਹਾ ਕਿ ਸ਼੍ਰੋਮਣੀ ਗੁਰਦੁਆਰਾ ਪ੍ਰਬੰਧਕ ਕਮੇਟੀ ਅਤੇ ਸ਼੍ਰੋਮਣੀ ਅਕਾਲੀ ਦਲ ਪਿਛਲੇ ਕਾਫੀ ਸਮੇਂ ਤੋਂ ਸਿੱਖ ਬੱਚਿਆਂ ਨੂੰ
ਆਪਣੇ ਵਿਰਸੇ ਨਾਲ ਜੋੜਨ ਦਾ ਉਪਰਾਲਾ ਕਰ ਰਹੇ ਹਨ ਅਤੇ ਪੂਰੇ ਪੰਜਾਬ ਵਿੱਚ ਵੱਖ-ਵੱਖ ਇਲਾਕਿਆਂ ਵਿੱਚ ਅਜਿਹੇ ਮੁਕਾਬਲੇ ਕਰਵਾਏ ਜਾ ਰਹੇ ਹਨ। ਉਨ੍ਹਾਂ ਕਿਹਾ ਕਿ ਇਸ ਦੇ ਸਾਰਥਕ ਨਤੀਜੇ ਹੁਣ ਸਾਹਮਣੇ ਆਉਣੇ ਸ਼ੁਰੂ ਹੋ ਗਏ ਹਨ। ਉਨ੍ਹਾਂ ਇਸ ਮੌਕੇ ਗੁਰਦੁਆਰਾ ਸਾਹਿਬ ਦੀ ਪ੍ਰਬੰਧਕ ਕਮੇਟੀ, ਸ੍ਰੋਮਣੀ ਕਮੇਟੀ ਮੈਂਬਰ ਬੀਬੀ ਪਰਮਜੀਤ ਕੌਰ ਲਾਂਡਰਾਂ, ਭਾਈ ਜਤਿੰਦਰ ਸਿੰਘ ਪ੍ਰਚਾਰਕ, ਸੁਰਿੰਦਰਜੀਤ ਸਿੰਘ, ਖੁਸ਼ਵਿੰਦਰ ਸਿੰਘ, ਡਾ. ਮਨਜੀਤ ਸਿੰਘ ਅਤੇ ਗੁਰਦੁਆਰਾ ਬੀਬੀ ਭਾਨੀ ਜੀ ਦੇ ਸਕੱਤਰ ਮਹਿੰਦਰ ਸਿੰਘ ਦਾ ਇਸ ਕਾਰਜ ਵਿੱਚ ਪੂਰੀਆਂ ਯੋਗਦਾਨ ਪਾਉਣ ਲਈ ਧੰਨਵਾਦ ਕੀਤਾ। ਇਸ ਮੌਕੇ ਹੋਰਨਾਂ ਤੋਂ ਇਲਾਵਾ ਸਤਬਰਜੀਤ ਸਿੰਘ ਪਾਰਸ, ਹਰਮਨਦੀਪ ਸਿੰਘ ਬਾਦਾ, ਸਤਨਾਮ ਸਿੰਘ ਲਾਂਡਰਾ, ਸਵਿੰਦਰ ਸਿੰਘ ਛਿੰਜੀ ਵੀ ਹਾਜ਼ਰ ਸਨ।
ਖੁੱਲੇ ਅਸਮਾਨ ਹੇਠ ਸਰਕਾਰੀ ਬੈਂਚ ਤੇ ਵੋਟਾਂ
ਬਣਾਉਣ ਲਈ ਮਜਬੂਰ ਹੋਏ ਬੀਐਲਓ

ਐਸ ਏ ਐਸ ਨਗਰ, 4 ਨਵੰਬਰ

(ਪੈਗਾਮ-ਏ-ਜਗਤ)

ਸਥਾਨਕ ਪ੍ਰਸ਼ਾਸਨ ਵੱਲੋਂ ਵੋਟਾਂ ਦੀ ਸਰਸਰੀ ਸੁਧਾਈ ਲਈ ਉਲੀਕੇ ਗਏ ਦੋ ਦਿਨਾਂ ਦੇ ਪ੍ਰੋਗਰਾਮ ਦੌਰਾਨ ਪ੍ਰਸ਼ਾਸਨ ਵੱਲੋਂ ਵੋਟਾਂ ਦਾ ਕੰਮ ਕਰਨ ਲਈ ਬੂਥ ਲੈਵਲ ਅਫਸਰਾਂ ਦੀ ਡਿਊਟੀ ਤਾਂ ਲਗਾ ਦਿੱਤੀ ਗਈ ਹੈ ਪਰੰਤੂ ਉਹਨਾਂ ਦੇ ਬੈਠਣ ਲਈ ਕੋਈ ਪ੍ਰਬੰਧ ਨਾ ਕੀਤੇ ਜਾਣ ਕਾਰਨ ਉਹਨਾਂ ਨੂੰ ਖੁੱਲੇ ਅਸਮਾਨ ਹੇਠ ਲੱਗੇ ਸਰਕਾਰੀ ਬੈਂਚਾਂ ਤੇ ਬੈਠ ਕੇ ਵੋਟਾਂ ਬਣਾਉਣ ਦਾ ਕੰਮ ਕਰਨ ਲਈ ਮਜਬੂਰ ਹੋਣਾ ਪੈ ਰਿਹਾ ਹੈ।
ਨਗਰ ਨਿਗਮ ਦੇ ਕੌਂਸਲਰ ਸ. ਕਮਲਪ੍ਰੀਤ ਸਿੰਘ ਬਨੀ ਨੇ ਕਿਹਾ ਕਿ ਪ੍ਰਸ਼ਾਸਨ ਵੱਲੋਂ ਬੀ ਐਲ ਓ ਦੇ ਬੈਠਣ ਤਕ ਦਾ ਪ੍ਰਬੰਧ ਨਹੀਂ ਕੀਤਾ ਗਿਆ। ਉਹਨਾਂ ਕਿਹਾ ਕਿ ਫੇਜ਼ 9 ਦੇ ਸਰਕਾਰੀ ਕਾਂਪਲੈਕਸ ਵਿੱਚ ਨੇਕਾਂ ਬੀ ਐਲ ਓ ਨੂੰ ਬੈਠਣ ਲਈ ਥਾਂ ਨਾ ਮਿਲਣ ਤੇ ਉਹ ਖੁੱਲੇ ਅਸਮਾਨ ਹੇਠ ਸਰਕਾਰੀ ਬੈਂਚ ਤੇ ਬੈਠ ਕੇ ਵੋਟਾਂ ਦਾ ਕੰਮ ਕਰ ਰਹੇ ਸਨ। ਉਨ੍ਹਾਂ ਮੰਗ ਕੀਤੀ ਕਿ ਵੋਟਾਂ ਬਣਾਉਣ ਦੇ ਕੰਮ ਵਿੱਚ ਲੱਗੇ ਸਾਰੇ ਬੀ ਐਲ ਓ ਨੂੰ ਕੰਮ ਕਰਨ ਦਾ ਸਨਮਾਨਯੋਗ ਮਾਹੌਲ ਮੁਹੱਈਆ ਕਰਵਾਇਆ ਜਾਵੇ।
